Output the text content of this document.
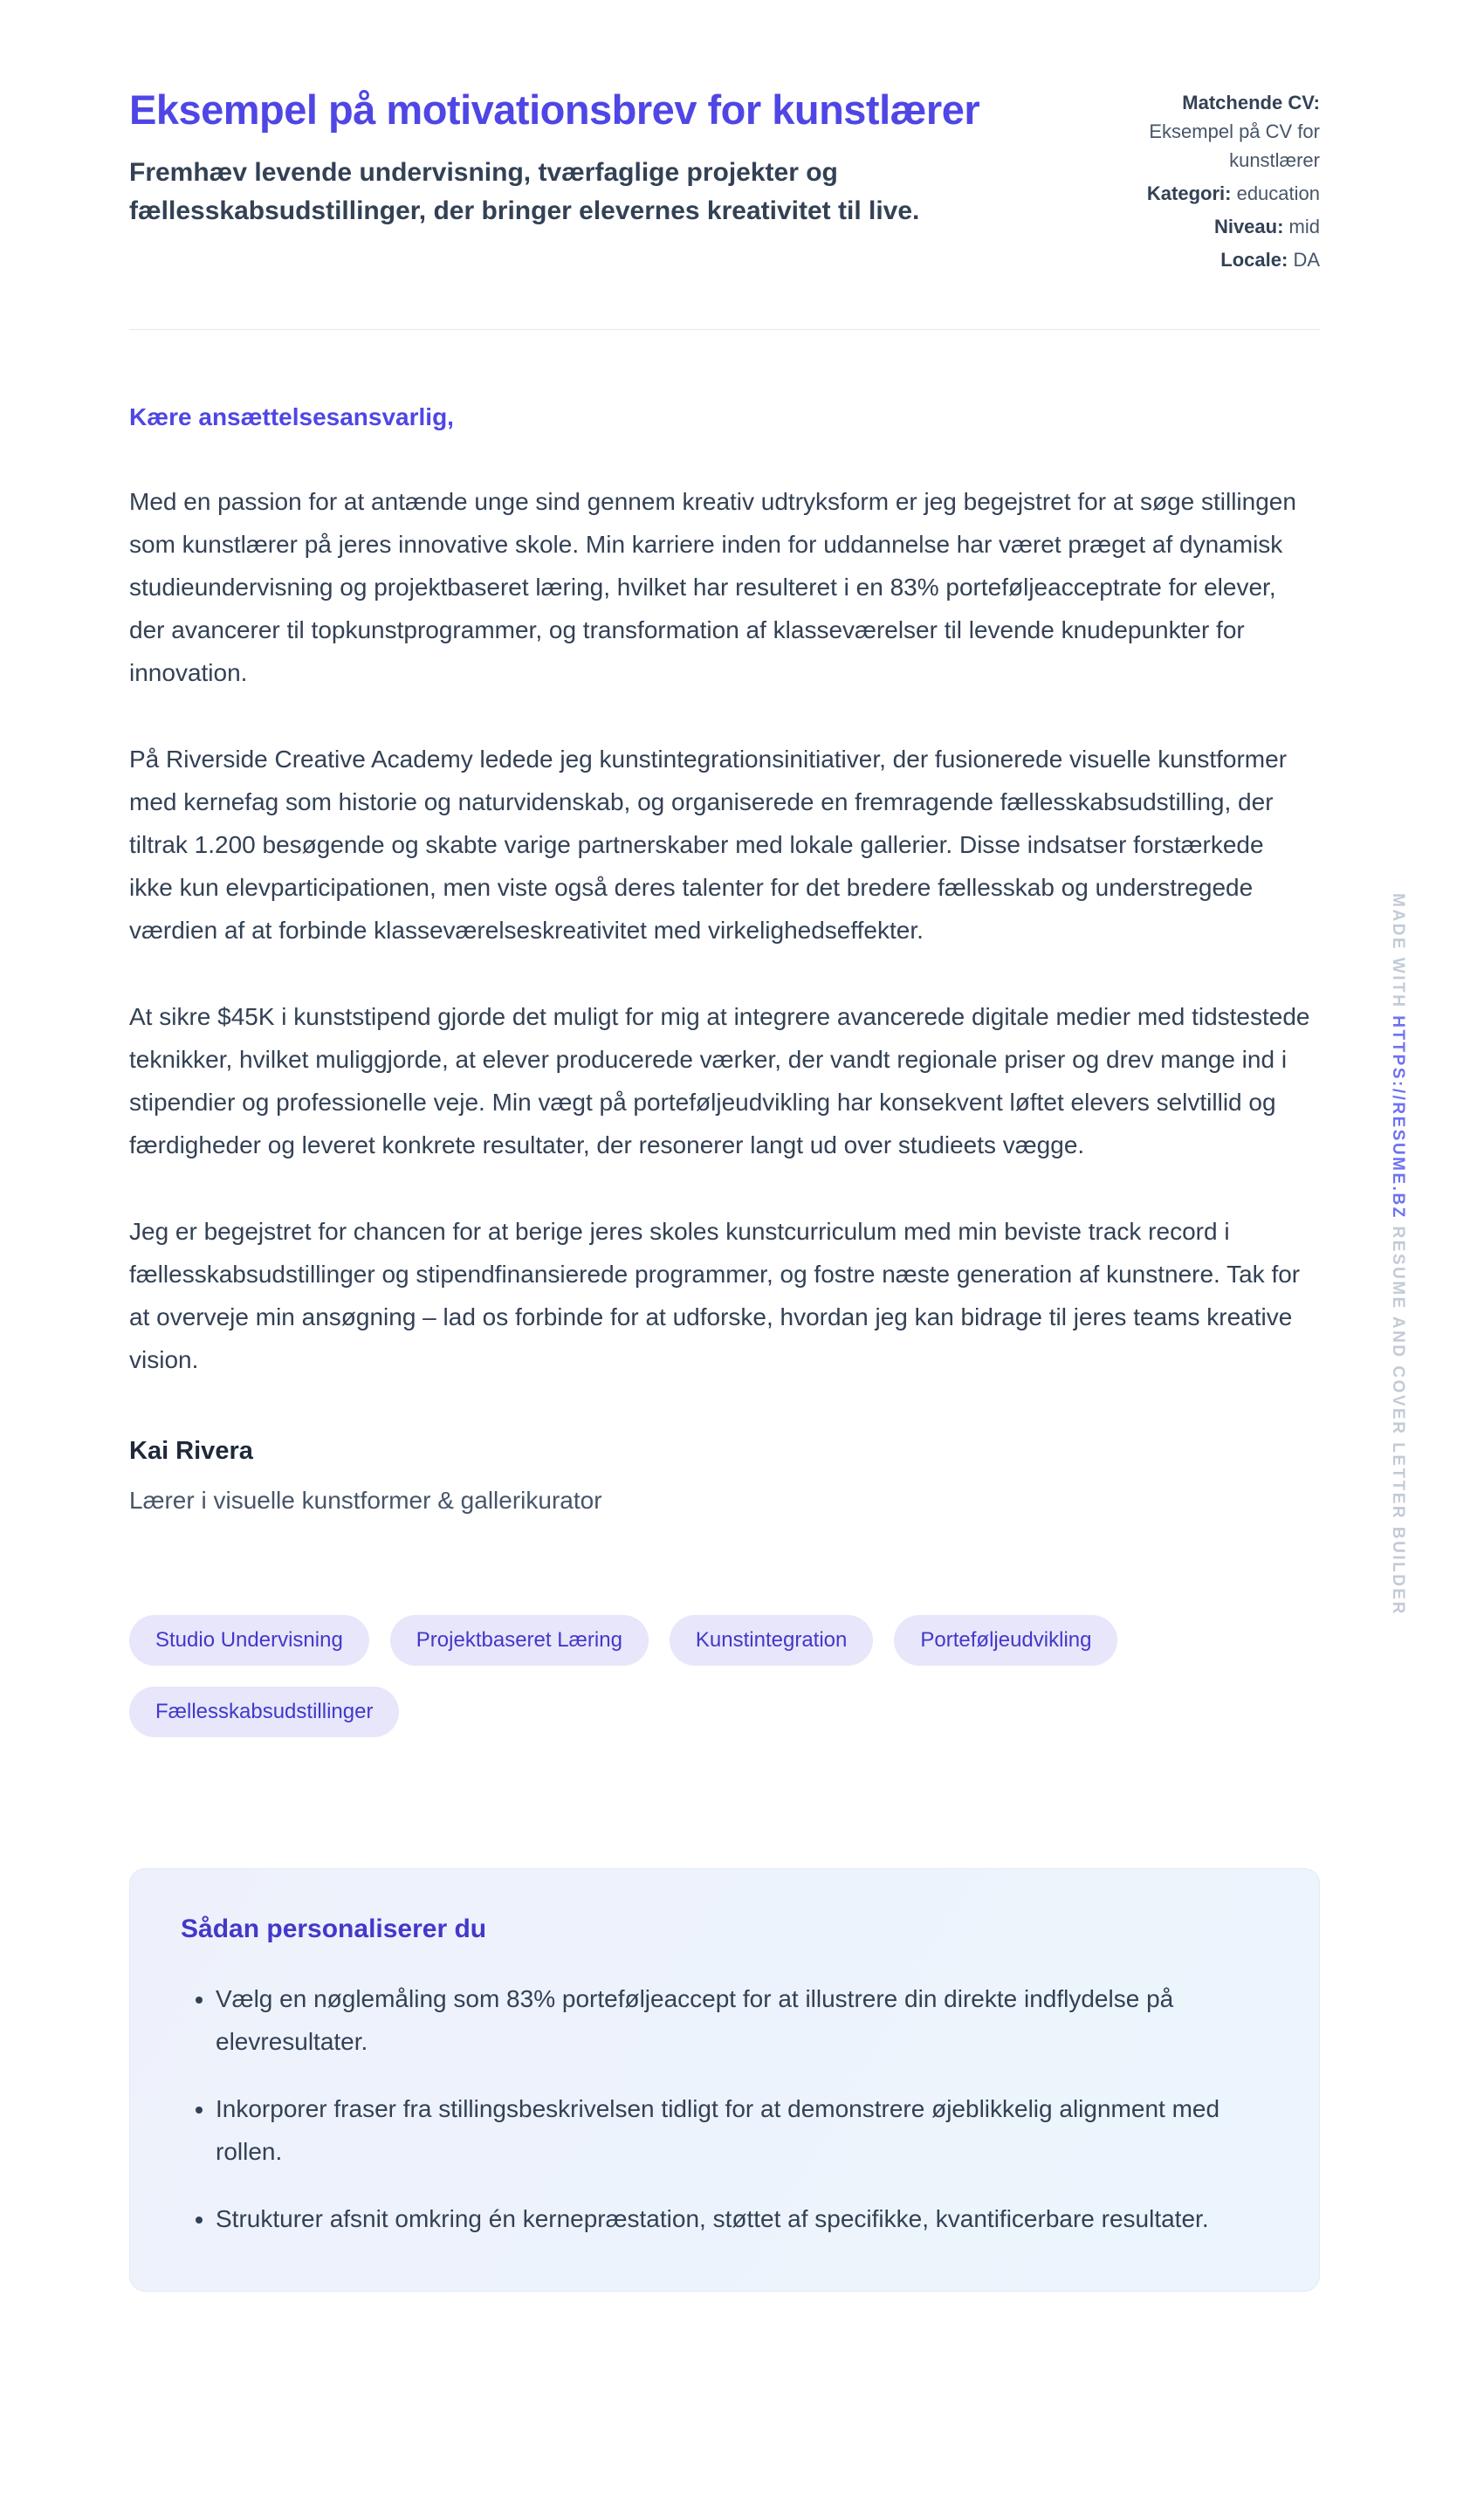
Eksempel på motivationsbrev for kunstlærer

Fremhæv levende undervisning, tværfaglige projekter og fællesskabsudstillinger, der bringer elevernes kreativitet til live.

Matchende CV:
Eksempel på CV for kunstlærer
Kategori: education
Niveau: mid
Locale: DA

Kære ansættelsesansvarlig,

Med en passion for at antænde unge sind gennem kreativ udtryksform er jeg begejstret for at søge stillingen som kunstlærer på jeres innovative skole. Min karriere inden for uddannelse har været præget af dynamisk studieundervisning og projektbaseret læring, hvilket har resulteret i en 83% porteføljeacceptrate for elever, der avancerer til topkunstprogrammer, og transformation af klasseværelser til levende knudepunkter for innovation.

På Riverside Creative Academy ledede jeg kunstintegrationsinitiativer, der fusionerede visuelle kunstformer med kernefag som historie og naturvidenskab, og organiserede en fremragende fællesskabsudstilling, der tiltrak 1.200 besøgende og skabte varige partnerskaber med lokale gallerier. Disse indsatser forstærkede ikke kun elevparticipationen, men viste også deres talenter for det bredere fællesskab og understregede værdien af at forbinde klasseværelseskreativitet med virkelighedseffekter.

At sikre $45K i kunststipend gjorde det muligt for mig at integrere avancerede digitale medier med tidstestede teknikker, hvilket muliggjorde, at elever producerede værker, der vandt regionale priser og drev mange ind i stipendier og professionelle veje. Min vægt på porteføljeudvikling har konsekvent løftet elevers selvtillid og færdigheder og leveret konkrete resultater, der resonerer langt ud over studieets vægge.

Jeg er begejstret for chancen for at berige jeres skoles kunstcurriculum med min beviste track record i fællesskabsudstillinger og stipendfinansierede programmer, og fostre næste generation af kunstnere. Tak for at overveje min ansøgning – lad os forbinde for at udforske, hvordan jeg kan bidrage til jeres teams kreative vision.

Kai Rivera

Lærer i visuelle kunstformer & gallerikurator

Studio Undervisning	Projektbaseret Læring	Kunstintegration	Porteføljeudvikling
Fællesskabsudstillinger
Sådan personaliserer du
• Vælg en nøglemåling som 83% porteføljeaccept for at illustrere din direkte indflydelse på elevresultater.
• Inkorporer fraser fra stillingsbeskrivelsen tidligt for at demonstrere øjeblikkelig alignment med rollen.
• Strukturer afsnit omkring én kernepræstation, støttet af specifikke, kvantificerbare resultater.
MADE WITH HTTPS://RESUME.BZ RESUME AND COVER LETTER BUILDER
